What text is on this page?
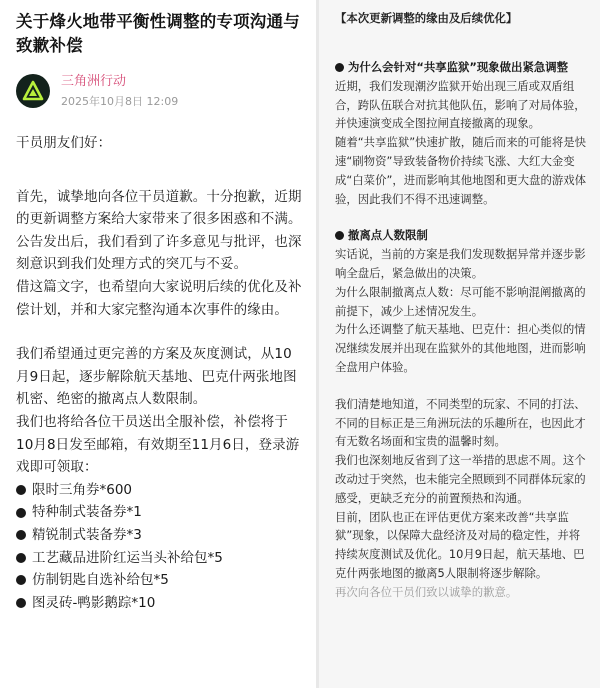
关于烽火地带平衡性调整的专项沟通与致歉补偿
三角洲行动
2025年10月8日 12:09
干员朋友们好：
首先，诚挚地向各位干员道歉。十分抱歉，近期的更新调整方案给大家带来了很多困惑和不满。公告发出后，我们看到了许多意见与批评，也深刻意识到我们处理方式的突兀与不妥。
借这篇文字，也希望向大家说明后续的优化及补偿计划，并和大家完整沟通本次事件的缘由。
我们希望通过更完善的方案及灰度测试，从10月9日起，逐步解除航天基地、巴克什两张地图机密、绝密的撤离点人数限制。
我们也将给各位干员送出全服补偿，补偿将于10月8日发至邮箱，有效期至11月6日，登录游戏即可领取：
限时三角券*600
特种制式装备券*1
精锐制式装备券*3
工艺藏品进阶红运当头补给包*5
仿制钥匙自选补给包*5
图灵砖-鸭影鹅踪*10
【本次更新调整的缘由及后续优化】
为什么会针对“共享监狱”现象做出紧急调整
近期，我们发现潮汐监狱开始出现三盾或双盾组合，跨队伍联合对抗其他队伍，影响了对局体验，并快速演变成全图拉闸直接撤离的现象。
随着“共享监狱”快速扩散，随后而来的可能将是快速“刷物资”导致装备物价持续飞涨、大红大金变成“白菜价”，进而影响其他地图和更大盘的游戏体验，因此我们不得不迅速调整。
撤离点人数限制
实话说，当前的方案是我们发现数据异常并逐步影响全盘后，紧急做出的决策。
为什么限制撤离点人数：尽可能不影响混阐撤离的前提下，减少上述情况发生。
为什么还调整了航天基地、巴克什：担心类似的情况继续发展并出现在监狱外的其他地图，进而影响全盘用户体验。
我们清楚地知道，不同类型的玩家、不同的打法、不同的目标正是三角洲玩法的乐趣所在，也因此才有无数名场面和宝贵的温馨时刻。
我们也深刻地反省到了这一举措的思虑不周。这个改动过于突然，也未能完全照顾到不同群体玩家的感受，更缺乏充分的前置预热和沟通。
目前，团队也正在评估更优方案来改善“共享监狱”现象，以保障大盘经济及对局的稳定性，并将持续灰度测试及优化。10月9日起，航天基地、巴克什两张地图的撤离5人限制将逐步解除。
再次向各位干员们致以诚挚的歉意。
